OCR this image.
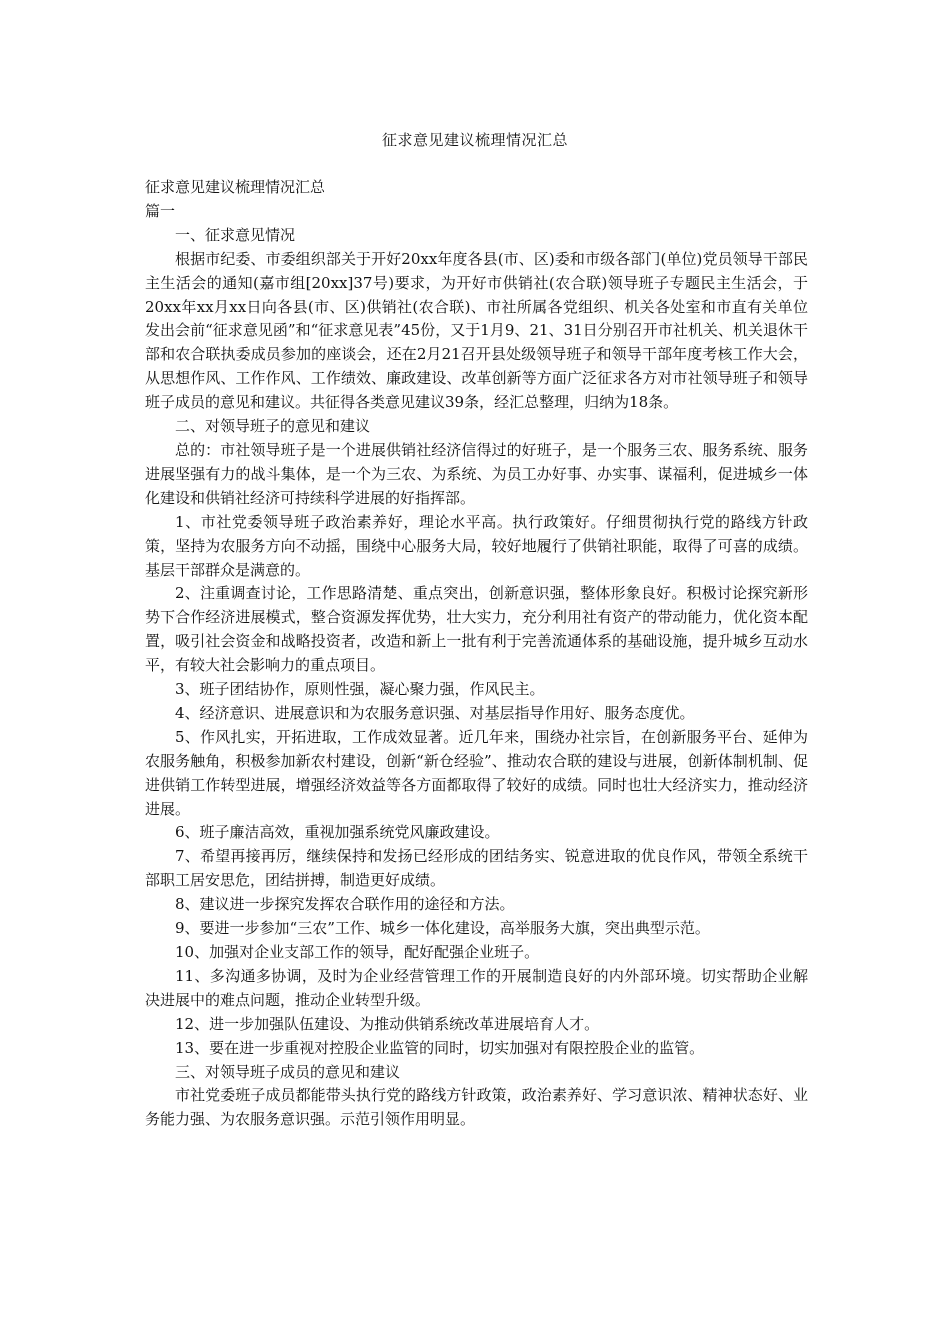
征求意见建议梳理情况汇总

征求意见建议梳理情况汇总

篇一

一、征求意见情况

根据市纪委、市委组织部关于开好20xx年度各县(市、区)委和市级各部门(单位)党员领导干部民主生活会的通知(嘉市组[20xx]37号)要求，为开好市供销社(农合联)领导班子专题民主生活会，于20xx年xx月xx日向各县(市、区)供销社(农合联)、市社所属各党组织、机关各处室和市直有关单位发出会前“征求意见函”和“征求意见表”45份，又于1月9、21、31日分别召开市社机关、机关退休干部和农合联执委成员参加的座谈会，还在2月21召开县处级领导班子和领导干部年度考核工作大会，从思想作风、工作作风、工作绩效、廉政建设、改革创新等方面广泛征求各方对市社领导班子和领导班子成员的意见和建议。共征得各类意见建议39条，经汇总整理，归纳为18条。

二、对领导班子的意见和建议

总的：市社领导班子是一个进展供销社经济信得过的好班子，是一个服务三农、服务系统、服务进展坚强有力的战斗集体，是一个为三农、为系统、为员工办好事、办实事、谋福利，促进城乡一体化建设和供销社经济可持续科学进展的好指挥部。

1、市社党委领导班子政治素养好，理论水平高。执行政策好。仔细贯彻执行党的路线方针政策，坚持为农服务方向不动摇，围绕中心服务大局，较好地履行了供销社职能，取得了可喜的成绩。基层干部群众是满意的。

2、注重调查讨论，工作思路清楚、重点突出，创新意识强，整体形象良好。积极讨论探究新形势下合作经济进展模式，整合资源发挥优势，壮大实力，充分利用社有资产的带动能力，优化资本配置，吸引社会资金和战略投资者，改造和新上一批有利于完善流通体系的基础设施，提升城乡互动水平，有较大社会影响力的重点项目。

3、班子团结协作，原则性强，凝心聚力强，作风民主。

4、经济意识、进展意识和为农服务意识强、对基层指导作用好、服务态度优。

5、作风扎实，开拓进取，工作成效显著。近几年来，围绕办社宗旨，在创新服务平台、延伸为农服务触角，积极参加新农村建设，创新“新仓经验”、推动农合联的建设与进展，创新体制机制、促进供销工作转型进展，增强经济效益等各方面都取得了较好的成绩。同时也壮大经济实力，推动经济进展。

6、班子廉洁高效，重视加强系统党风廉政建设。

7、希望再接再厉，继续保持和发扬已经形成的团结务实、锐意进取的优良作风，带领全系统干部职工居安思危，团结拼搏，制造更好成绩。

8、建议进一步探究发挥农合联作用的途径和方法。

9、要进一步参加“三农”工作、城乡一体化建设，高举服务大旗，突出典型示范。

10、加强对企业支部工作的领导，配好配强企业班子。

11、多沟通多协调，及时为企业经营管理工作的开展制造良好的内外部环境。切实帮助企业解决进展中的难点问题，推动企业转型升级。

12、进一步加强队伍建设、为推动供销系统改革进展培育人才。

13、要在进一步重视对控股企业监管的同时，切实加强对有限控股企业的监管。

三、对领导班子成员的意见和建议

市社党委班子成员都能带头执行党的路线方针政策，政治素养好、学习意识浓、精神状态好、业务能力强、为农服务意识强。示范引领作用明显。
